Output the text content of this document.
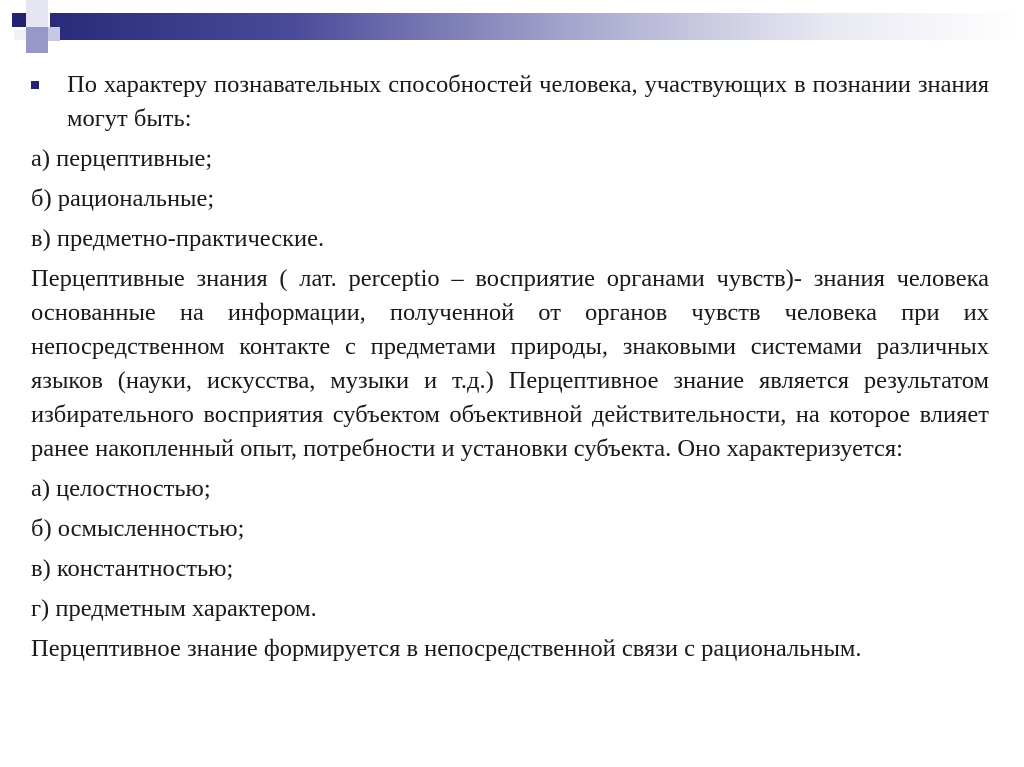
По характеру познавательных способностей человека, участвующих в познании знания могут быть:
а) перцептивные;
б) рациональные;
в) предметно-практические.
Перцептивные знания ( лат. perceptio – восприятие органами чувств)- знания человека основанные на информации, полученной от органов чувств человека при их непосредственном контакте с предметами природы, знаковыми системами различных языков (науки, искусства, музыки и т.д.) Перцептивное знание является результатом избирательного восприятия субъектом объективной действительности, на которое влияет ранее накопленный опыт, потребности и установки субъекта. Оно характеризуется:
а) целостностью;
б) осмысленностью;
в) константностью;
г) предметным характером.
Перцептивное знание формируется в непосредственной связи с рациональным.
